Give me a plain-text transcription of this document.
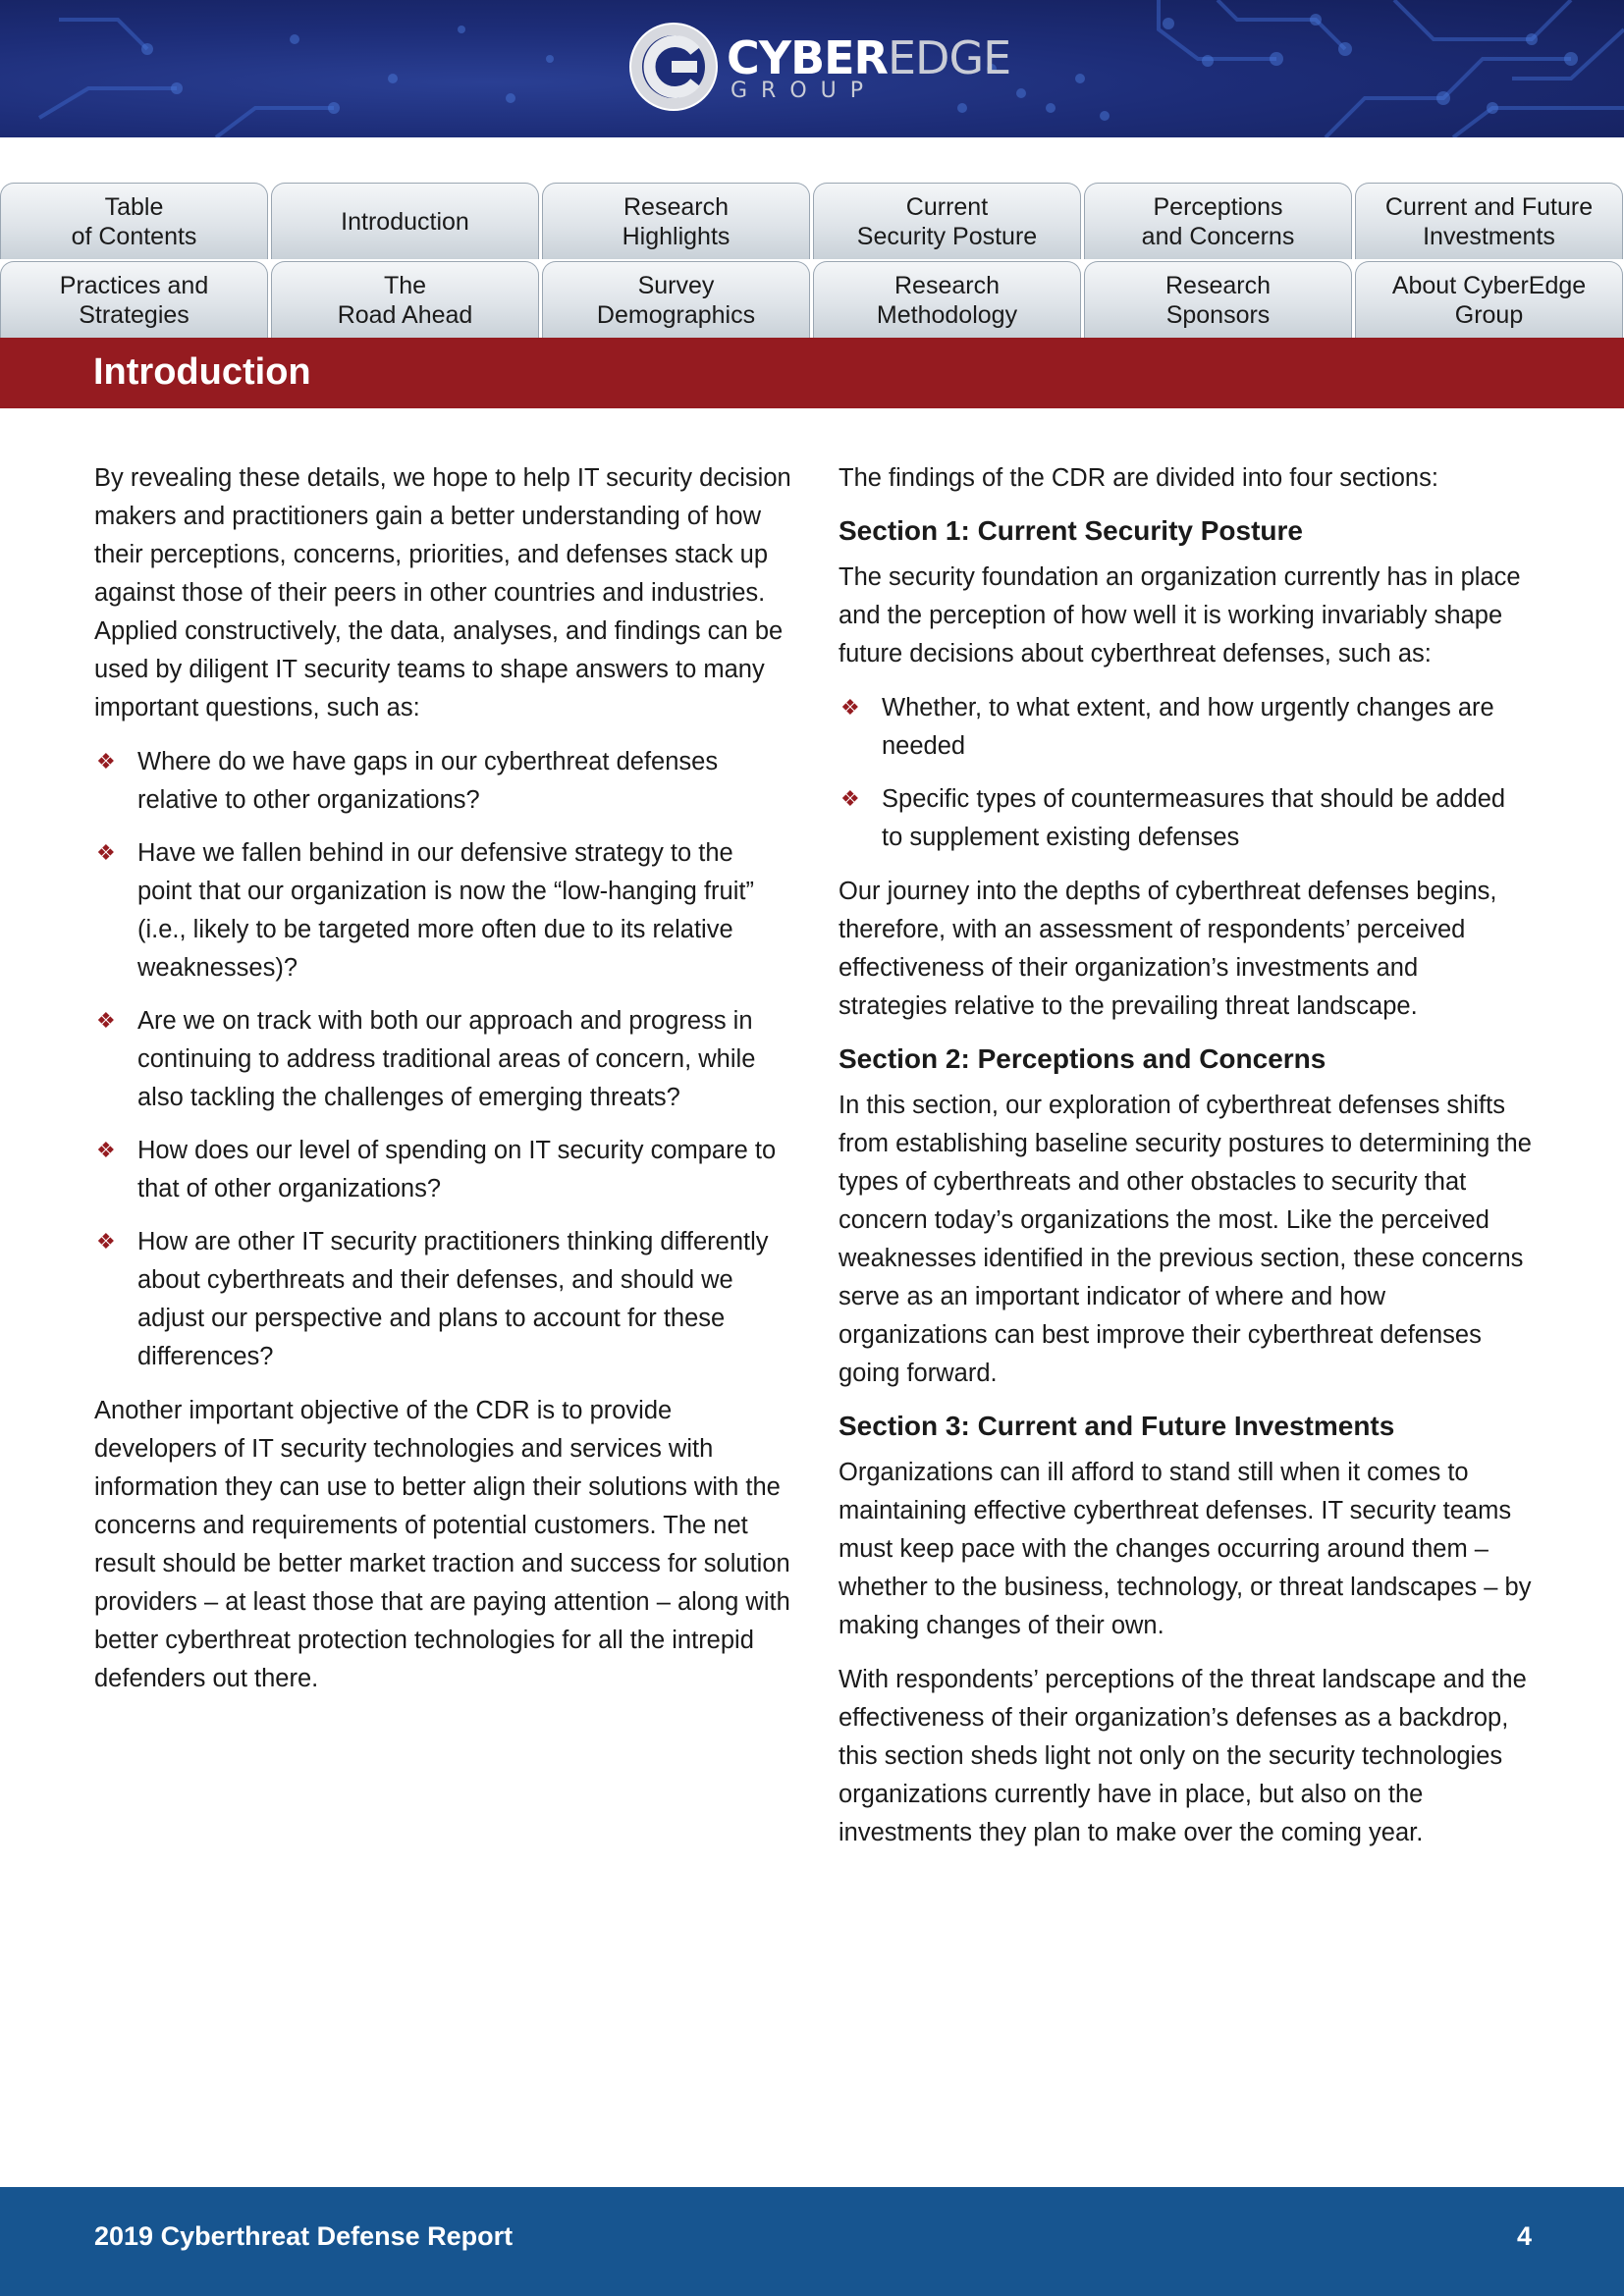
CYBEREDGE
GROUP
Table
of Contents
Introduction
Research
Highlights
Current
Security Posture
Perceptions
and Concerns
Current and Future
Investments
Practices and
Strategies
The
Road Ahead
Survey
Demographics
Research
Methodology
Research
Sponsors
About CyberEdge
Group
Introduction

By revealing these details, we hope to help IT security decision makers and practitioners gain a better understanding of how their perceptions, concerns, priorities, and defenses stack up against those of their peers in other countries and industries. Applied constructively, the data, analyses, and findings can be used by diligent IT security teams to shape answers to many important questions, such as:

❖ Where do we have gaps in our cyberthreat defenses relative to other organizations?
❖ Have we fallen behind in our defensive strategy to the point that our organization is now the “low-hanging fruit” (i.e., likely to be targeted more often due to its relative weaknesses)?
❖ Are we on track with both our approach and progress in continuing to address traditional areas of concern, while also tackling the challenges of emerging threats?
❖ How does our level of spending on IT security compare to that of other organizations?
❖ How are other IT security practitioners thinking differently about cyberthreats and their defenses, and should we adjust our perspective and plans to account for these differences?

Another important objective of the CDR is to provide developers of IT security technologies and services with information they can use to better align their solutions with the concerns and requirements of potential customers. The net result should be better market traction and success for solution providers – at least those that are paying attention – along with better cyberthreat protection technologies for all the intrepid defenders out there.

The findings of the CDR are divided into four sections:

Section 1: Current Security Posture

The security foundation an organization currently has in place and the perception of how well it is working invariably shape future decisions about cyberthreat defenses, such as:

❖ Whether, to what extent, and how urgently changes are needed
❖ Specific types of countermeasures that should be added to supplement existing defenses

Our journey into the depths of cyberthreat defenses begins, therefore, with an assessment of respondents’ perceived effectiveness of their organization’s investments and strategies relative to the prevailing threat landscape.

Section 2: Perceptions and Concerns

In this section, our exploration of cyberthreat defenses shifts from establishing baseline security postures to determining the types of cyberthreats and other obstacles to security that concern today’s organizations the most. Like the perceived weaknesses identified in the previous section, these concerns serve as an important indicator of where and how organizations can best improve their cyberthreat defenses going forward.

Section 3: Current and Future Investments

Organizations can ill afford to stand still when it comes to maintaining effective cyberthreat defenses. IT security teams must keep pace with the changes occurring around them – whether to the business, technology, or threat landscapes – by making changes of their own.

With respondents’ perceptions of the threat landscape and the effectiveness of their organization’s defenses as a backdrop, this section sheds light not only on the security technologies organizations currently have in place, but also on the investments they plan to make over the coming year.

2019 Cyberthreat Defense Report	4
